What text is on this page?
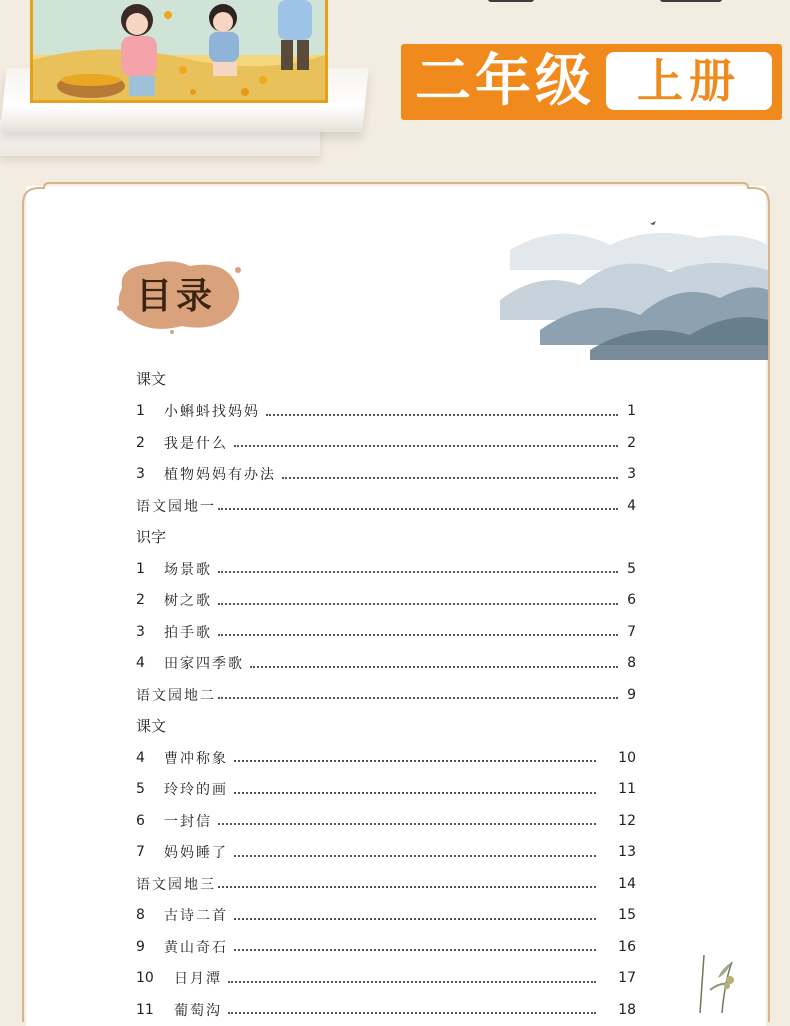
二年级 上册
目录
课文
1	小蝌蚪找妈妈	1
2	我是什么	2
3	植物妈妈有办法	3
语文园地一	4
识字
1	场景歌	5
2	树之歌	6
3	拍手歌	7
4	田家四季歌	8
语文园地二	9
课文
4	曹冲称象	10
5	玲玲的画	11
6	一封信	12
7	妈妈睡了	13
语文园地三	14
8	古诗二首	15
9	黄山奇石	16
10	日月潭	17
11	葡萄沟	18
